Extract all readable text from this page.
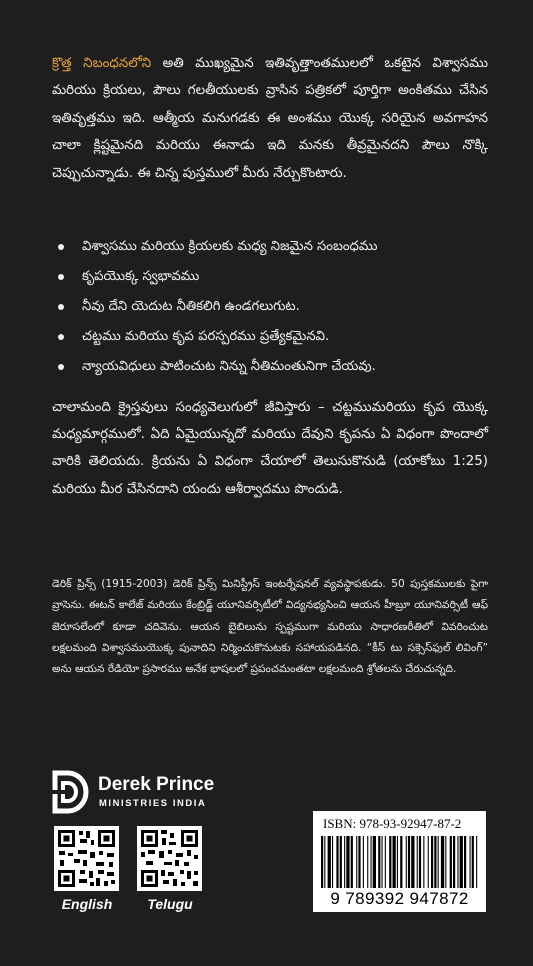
క్రొత్త నిబంధనలోని అతి ముఖ్యమైన ఇతివృత్తాంతములలో ఒకటైన విశ్వాసము మరియు క్రియలు, పౌలు గలతీయులకు వ్రాసిన పత్రికలో పూర్తిగా అంకితము చేసిన ఇతివృత్తము ఇది. ఆత్మీయ మనుగడకు ఈ అంశము యొక్క సరియైన అవగాహన చాలా క్లిష్టమైనది మరియు ఈనాడు ఇది మనకు తీవ్రమైనదని పౌలు నొక్కి చెప్పుచున్నాడు. ఈ చిన్న పుస్తములో మీరు నేర్చుకొంటారు.

విశ్వాసము మరియు క్రియలకు మధ్య నిజమైన సంబంధము
కృపయొక్క స్వభావము
నీవు దేని యెదుట నీతికలిగి ఉండగలుగుట.
చట్టము మరియు కృప పరస్పరము ప్రత్యేకమైనవి.
న్యాయవిధులు పాటించుట నిన్ను నీతిమంతునిగా చేయవు.

చాలామంది క్రైస్తవులు సంధ్యవెలుగులో జీవిస్తారు – చట్టముమరియు కృప యొక్క మధ్యమార్గములో. ఏది ఏమైయున్నదో మరియు దేవుని కృపను ఏ విధంగా పొందాలో వారికి తెలియదు. క్రియను ఏ విధంగా చేయాలో తెలుసుకొనుడి (యాకోబు 1:25) మరియు మీర చేసినదాని యందు ఆశీర్వాదము పొందుడి.

డెరిక్ ప్రిన్స్ (1915-2003) డెరిక్ ప్రిన్స్ మినిస్ట్రీస్ ఇంటర్నేషనల్ వ్యవస్థాపకుడు. 50 పుస్తకములకు పైగా వ్రాసెను. ఈటన్ కాలేజ్ మరియు కేంబ్రిడ్జ్ యూనివర్సిటీలో విద్యనభ్యసించి ఆయన హీబ్రూ యూనివర్సిటీ ఆఫ్ జెరూసలేంలో కూడా చదివెను. ఆయన బైబిలును స్పష్టముగా మరియు సాధారణరీతిలో వివరించుట లక్షలమంది విశ్వాసముయొక్క పునాదిని నిర్మించుకొనుటకు సహాయపడినది. “కీస్ టు సక్సెస్‌ఫుల్ లివింగ్” అను ఆయన రేడియో ప్రసారము అనేక భాషలలో ప్రపంచమంతటా లక్షలమంది శ్రోతలను చేరుచున్నది.

Derek Prince
MINISTRIES INDIA
English	Telugu
ISBN: 978-93-92947-87-2
9 789392 947872
